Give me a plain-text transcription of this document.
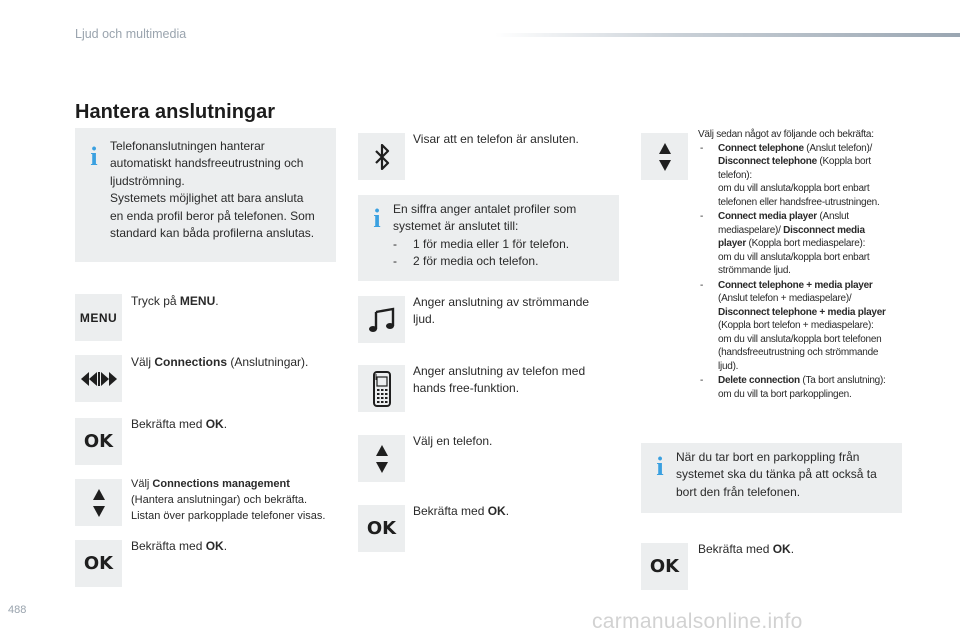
Ljud och multimedia
Hantera anslutningar
i Telefonanslutningen hanterar
automatiskt handsfreeutrustning och
ljudströmning.
Systemets möjlighet att bara ansluta
en enda profil beror på telefonen. Som
standard kan båda profilerna anslutas.
MENU
Tryck på MENU.
Välj Connections (Anslutningar).
OK
Bekräfta med OK.
Välj Connections management
(Hantera anslutningar) och bekräfta.
Listan över parkopplade telefoner visas.
OK
Bekräfta med OK.
Visar att en telefon är ansluten.
i En siffra anger antalet profiler som
systemet är anslutet till:
- 1 för media eller 1 för telefon.
- 2 för media och telefon.
Anger anslutning av strömmande
ljud.
Anger anslutning av telefon med
hands free-funktion.
Välj en telefon.
OK
Bekräfta med OK.
Välj sedan något av följande och bekräfta:
- Connect telephone (Anslut telefon)/
Disconnect telephone (Koppla bort
telefon):
om du vill ansluta/koppla bort enbart
telefonen eller handsfree-utrustningen.
- Connect media player (Anslut
mediaspelare)/ Disconnect media
player (Koppla bort mediaspelare):
om du vill ansluta/koppla bort enbart
strömmande ljud.
- Connect telephone + media player
(Anslut telefon + mediaspelare)/
Disconnect telephone + media player
(Koppla bort telefon + mediaspelare):
om du vill ansluta/koppla bort telefonen
(handsfreeutrustning och strömmande
ljud).
- Delete connection (Ta bort anslutning):
om du vill ta bort parkopplingen.
i När du tar bort en parkoppling från
systemet ska du tänka på att också ta
bort den från telefonen.
OK
Bekräfta med OK.
488	carmanualsonline.info
